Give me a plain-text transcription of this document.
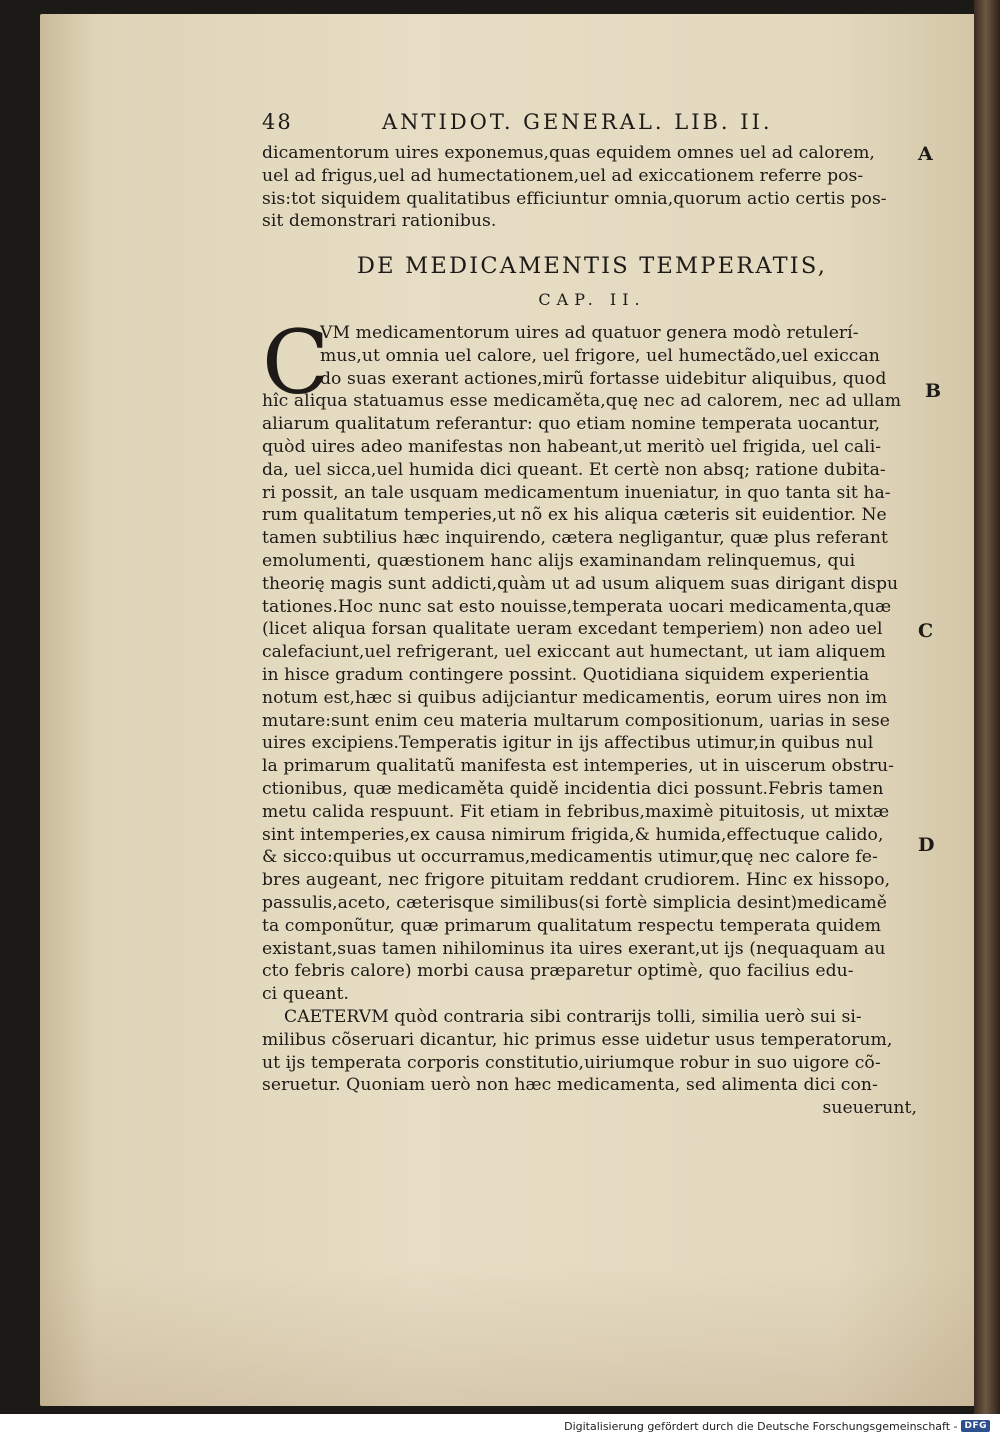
48	ANTIDOT. GENERAL. LIB. II.
dicamentorum uires exponemus,quas equidem omnes uel ad calorem,
uel ad frigus,uel ad humectationem,uel ad exiccationem referre pos-
sis:tot siquidem qualitatibus efficiuntur omnia,quorum actio certis pos-
sit demonstrari rationibus.
DE MEDICAMENTIS TEMPERATIS,
CAP. II.
C
VM medicamentorum uires ad quatuor genera modò retulerí-
mus,ut omnia uel calore, uel frigore, uel humectãdo,uel exiccan
do suas exerant actiones,mirũ fortasse uidebitur aliquibus, quod
hîc aliqua statuamus esse medicaměta,quę nec ad calorem, nec ad ullam
aliarum qualitatum referantur: quo etiam nomine temperata uocantur,
quòd uires adeo manifestas non habeant,ut meritò uel frigida, uel cali-
da, uel sicca,uel humida dici queant. Et certè non absq; ratione dubita-
ri possit, an tale usquam medicamentum inueniatur, in quo tanta sit ha-
rum qualitatum temperies,ut nõ ex his aliqua cæteris sit euidentior. Ne
tamen subtilius hæc inquirendo, cætera negligantur, quæ plus referant
emolumenti, quæstionem hanc alijs examinandam relinquemus, qui
theorię magis sunt addicti,quàm ut ad usum aliquem suas dirigant dispu
tationes.Hoc nunc sat esto nouisse,temperata uocari medicamenta,quæ
(licet aliqua forsan qualitate ueram excedant temperiem) non adeo uel
calefaciunt,uel refrigerant, uel exiccant aut humectant, ut iam aliquem
in hisce gradum contingere possint. Quotidiana siquidem experientia
notum est,hæc si quibus adijciantur medicamentis, eorum uires non im
mutare:sunt enim ceu materia multarum compositionum, uarias in sese
uires excipiens.Temperatis igitur in ijs affectibus utimur,in quibus nul
la primarum qualitatũ manifesta est intemperies, ut in uiscerum obstru-
ctionibus, quæ medicaměta quidě incidentia dici possunt.Febris tamen
metu calida respuunt. Fit etiam in febribus,maximè pituitosis, ut mixtæ
sint intemperies,ex causa nimirum frigida,& humida,effectuque calido,
& sicco:quibus ut occurramus,medicamentis utimur,quę nec calore fe-
bres augeant, nec frigore pituitam reddant crudiorem. Hinc ex hissopo,
passulis,aceto, cæterisque similibus(si fortè simplicia desint)medicamě
ta componũtur, quæ primarum qualitatum respectu temperata quidem
existant,suas tamen nihilominus ita uires exerant,ut ijs (nequaquam au
cto febris calore) morbi causa præparetur optimè, quo facilius edu-
ci queant.
CAETERVM quòd contraria sibi contrarijs tolli, similia uerò sui si-
milibus cõseruari dicantur, hic primus esse uidetur usus temperatorum,
ut ijs temperata corporis constitutio,uiriumque robur in suo uigore cõ-
seruetur. Quoniam uerò non hæc medicamenta, sed alimenta dici con-
sueuerunt,
A
B
C
D
Digitalisierung gefördert durch die Deutsche Forschungsgemeinschaft - DFG
